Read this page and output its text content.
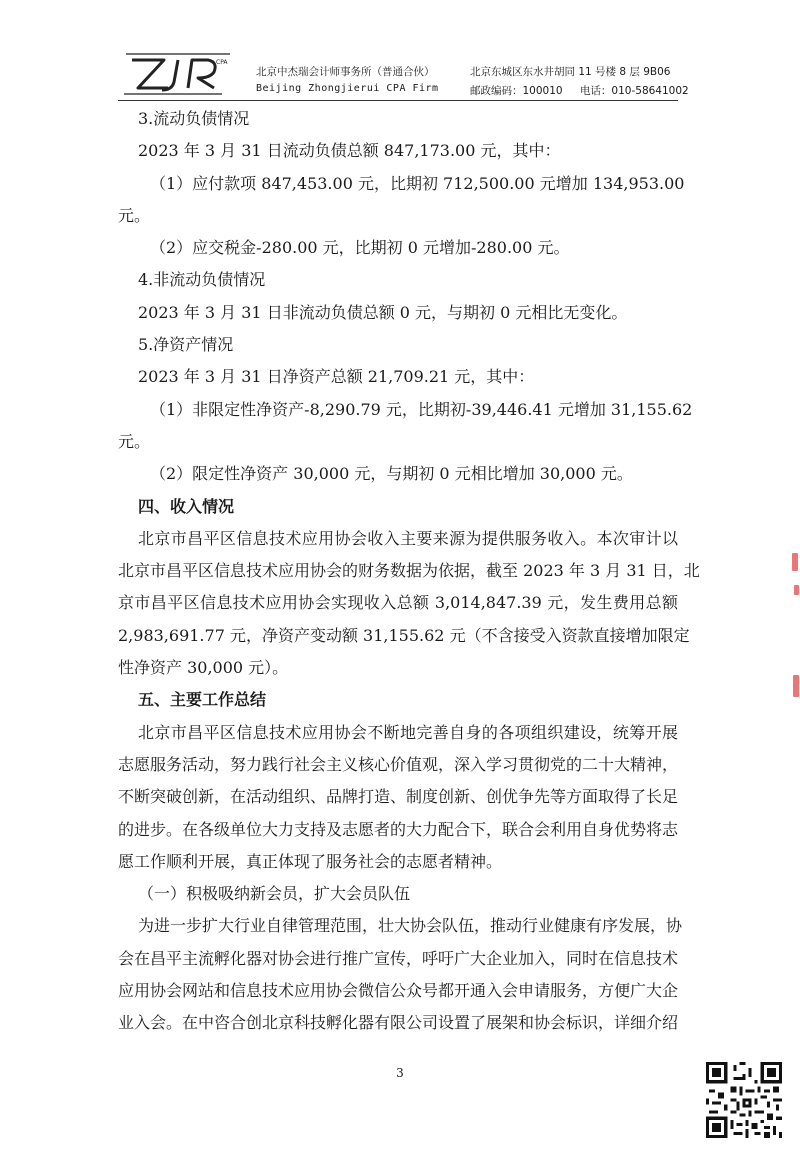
CPA
北京中杰瑞会计师事务所（普通合伙）
Beijing Zhongjierui CPA Firm
北京东城区东水井胡同 11 号楼 8 层 9B06
邮政编码：100010 电话：010-58641002
3.流动负债情况
2023 年 3 月 31 日流动负债总额 847,173.00 元，其中：
（1）应付款项 847,453.00 元，比期初 712,500.00 元增加 134,953.00
元。
（2）应交税金-280.00 元，比期初 0 元增加-280.00 元。
4.非流动负债情况
2023 年 3 月 31 日非流动负债总额 0 元，与期初 0 元相比无变化。
5.净资产情况
2023 年 3 月 31 日净资产总额 21,709.21 元，其中：
（1）非限定性净资产-8,290.79 元，比期初-39,446.41 元增加 31,155.62
元。
（2）限定性净资产 30,000 元，与期初 0 元相比增加 30,000 元。
四、收入情况
北京市昌平区信息技术应用协会收入主要来源为提供服务收入。本次审计以
北京市昌平区信息技术应用协会的财务数据为依据，截至 2023 年 3 月 31 日，北
京市昌平区信息技术应用协会实现收入总额 3,014,847.39 元，发生费用总额
2,983,691.77 元，净资产变动额 31,155.62 元（不含接受入资款直接增加限定
性净资产 30,000 元）。
五、主要工作总结
北京市昌平区信息技术应用协会不断地完善自身的各项组织建设，统筹开展
志愿服务活动，努力践行社会主义核心价值观，深入学习贯彻党的二十大精神，
不断突破创新，在活动组织、品牌打造、制度创新、创优争先等方面取得了长足
的进步。在各级单位大力支持及志愿者的大力配合下，联合会利用自身优势将志
愿工作顺利开展，真正体现了服务社会的志愿者精神。
（一）积极吸纳新会员，扩大会员队伍
为进一步扩大行业自律管理范围，壮大协会队伍，推动行业健康有序发展，协
会在昌平主流孵化器对协会进行推广宣传，呼吁广大企业加入，同时在信息技术
应用协会网站和信息技术应用协会微信公众号都开通入会申请服务，方便广大企
业入会。在中咨合创北京科技孵化器有限公司设置了展架和协会标识，详细介绍
3
